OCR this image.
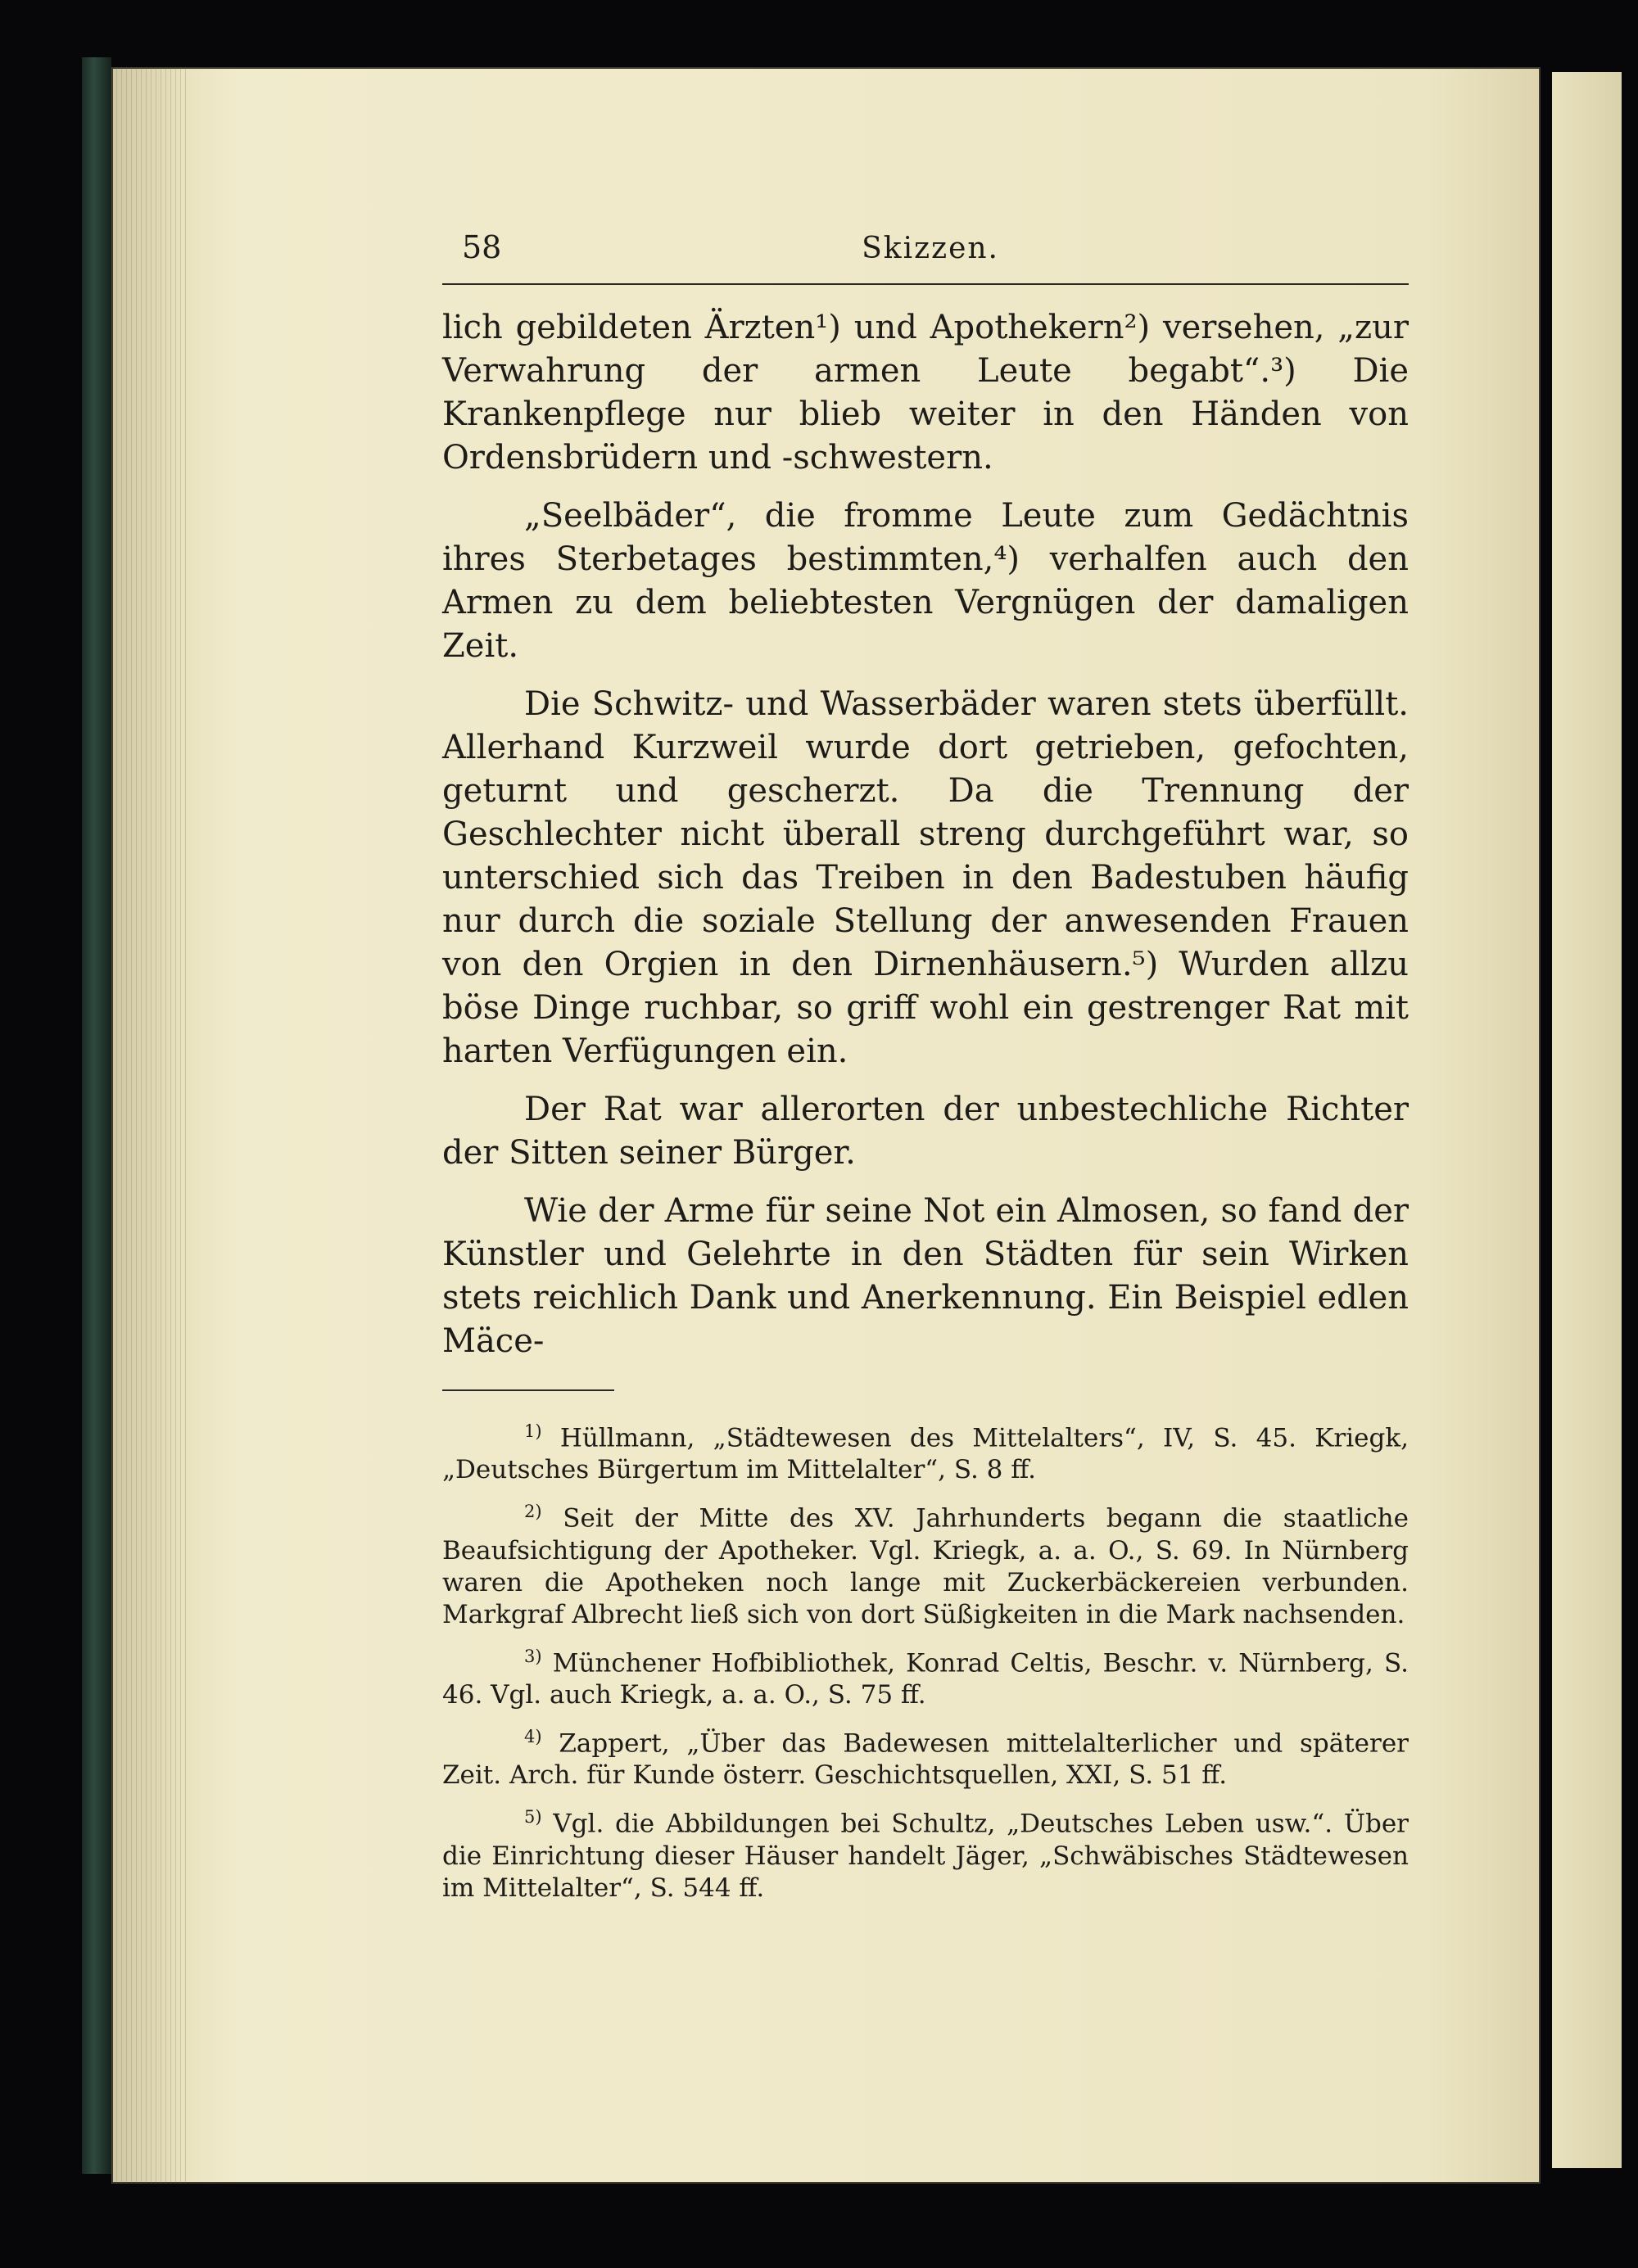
58	Skizzen.

lich gebildeten Ärzten¹) und Apothekern²) versehen, „zur Verwahrung der armen Leute begabt“.³) Die Krankenpflege nur blieb weiter in den Händen von Ordensbrüdern und -schwestern.

„Seelbäder“, die fromme Leute zum Gedächtnis ihres Sterbetages bestimmten,⁴) verhalfen auch den Armen zu dem beliebtesten Vergnügen der damaligen Zeit.

Die Schwitz- und Wasserbäder waren stets überfüllt. Allerhand Kurzweil wurde dort getrieben, gefochten, geturnt und gescherzt. Da die Trennung der Geschlechter nicht überall streng durchgeführt war, so unterschied sich das Treiben in den Badestuben häufig nur durch die soziale Stellung der anwesenden Frauen von den Orgien in den Dirnenhäusern.⁵) Wurden allzu böse Dinge ruchbar, so griff wohl ein gestrenger Rat mit harten Verfügungen ein.

Der Rat war allerorten der unbestechliche Richter der Sitten seiner Bürger.

Wie der Arme für seine Not ein Almosen, so fand der Künstler und Gelehrte in den Städten für sein Wirken stets reichlich Dank und Anerkennung. Ein Beispiel edlen Mäce-

$^{1)}$ Hüllmann, „Städtewesen des Mittelalters“, IV, S. 45. Kriegk, „Deutsches Bürgertum im Mittelalter“, S. 8 ff.

$^{2)}$ Seit der Mitte des XV. Jahrhunderts begann die staatliche Beaufsichtigung der Apotheker. Vgl. Kriegk, a. a. O., S. 69. In Nürnberg waren die Apotheken noch lange mit Zuckerbäckereien verbunden. Markgraf Albrecht ließ sich von dort Süßigkeiten in die Mark nachsenden.

$^{3)}$ Münchener Hofbibliothek, Konrad Celtis, Beschr. v. Nürnberg, S. 46. Vgl. auch Kriegk, a. a. O., S. 75 ff.

$^{4)}$ Zappert, „Über das Badewesen mittelalterlicher und späterer Zeit. Arch. für Kunde österr. Geschichtsquellen, XXI, S. 51 ff.

$^{5)}$ Vgl. die Abbildungen bei Schultz, „Deutsches Leben usw.“. Über die Einrichtung dieser Häuser handelt Jäger, „Schwäbisches Städtewesen im Mittelalter“, S. 544 ff.
